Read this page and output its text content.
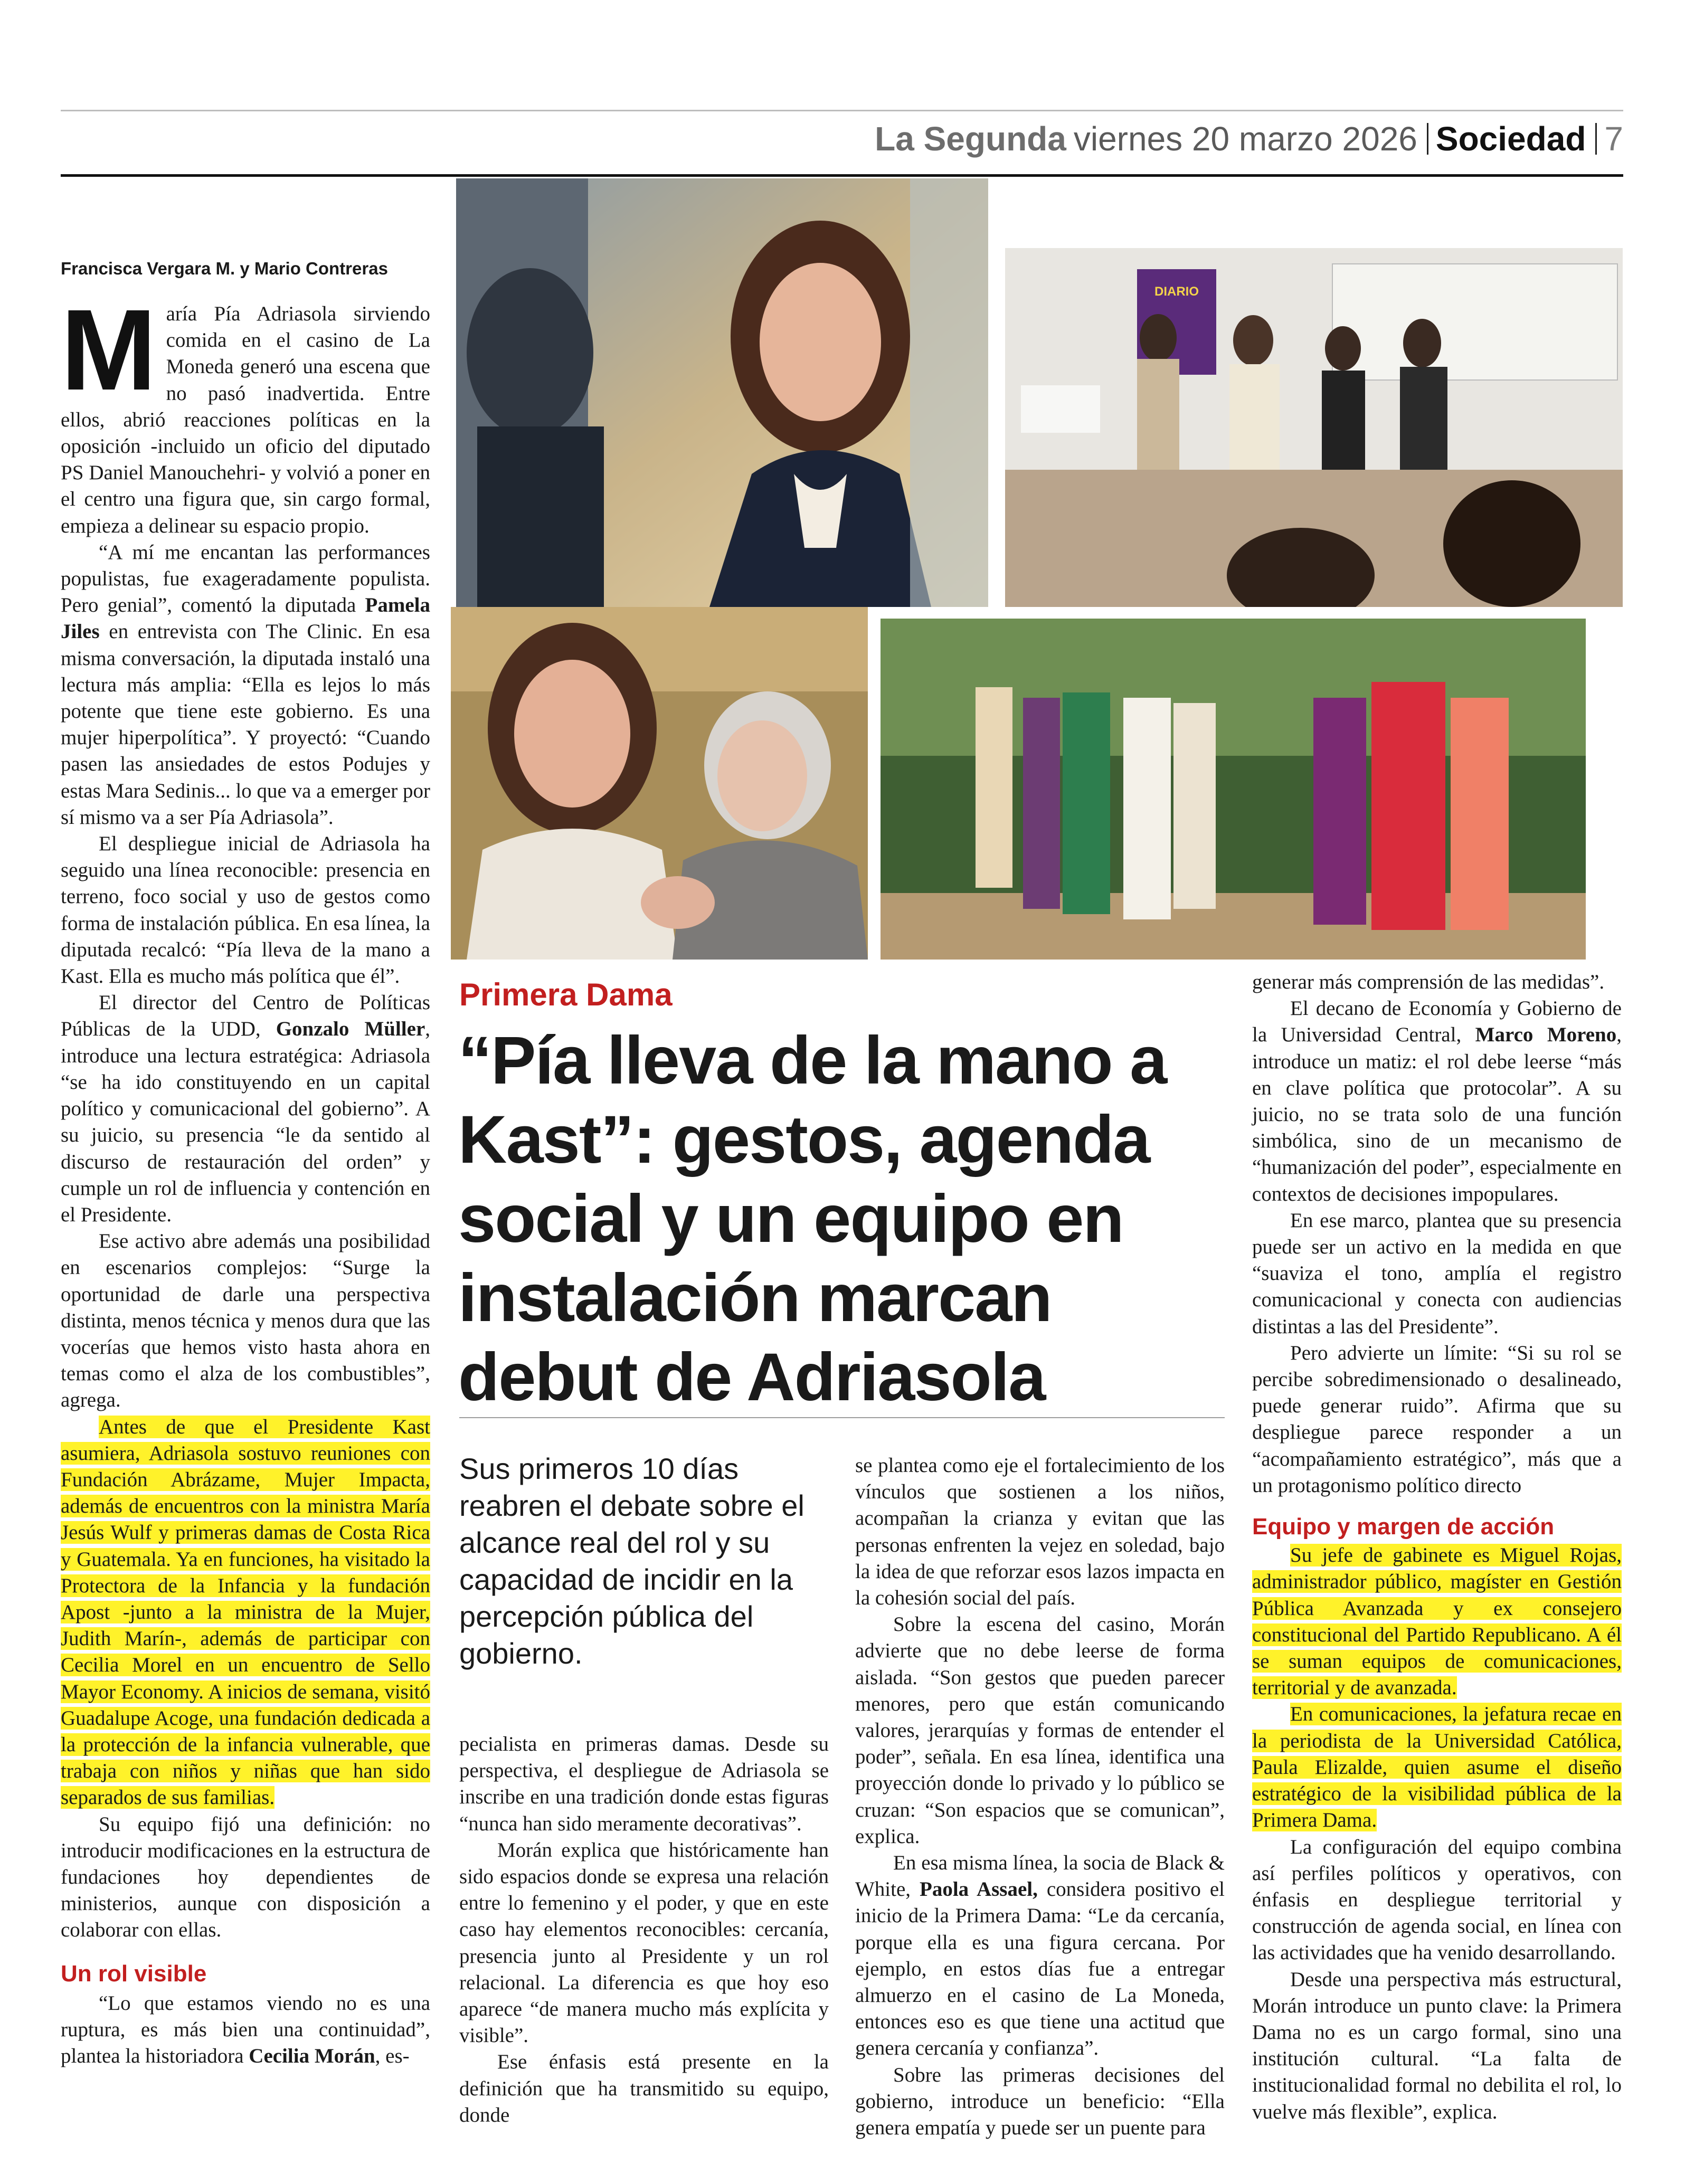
La Segunda viernes 20 marzo 2026 Sociedad 7
DIARIO
Francisca Vergara M. y Mario Contreras

María Pía Adriasola sirviendo comida en el casino de La Moneda generó una escena que no pasó inadvertida. Entre ellos, abrió reacciones políticas en la oposición -incluido un oficio del diputado PS Daniel Manouchehri- y volvió a poner en el centro una figura que, sin cargo formal, empieza a delinear su espacio propio.

“A mí me encantan las performances populistas, fue exageradamente populista. Pero genial”, comentó la diputada Pamela Jiles en entrevista con The Clinic. En esa misma conversación, la diputada instaló una lectura más amplia: “Ella es lejos lo más potente que tiene este gobierno. Es una mujer hiperpolítica”. Y proyectó: “Cuando pasen las ansiedades de estos Podujes y estas Mara Sedinis... lo que va a emerger por sí mismo va a ser Pía Adriasola”.

El despliegue inicial de Adriasola ha seguido una línea reconocible: presencia en terreno, foco social y uso de gestos como forma de instalación pública. En esa línea, la diputada recalcó: “Pía lleva de la mano a Kast. Ella es mucho más política que él”.

El director del Centro de Políticas Públicas de la UDD, Gonzalo Müller, introduce una lectura estratégica: Adriasola “se ha ido constituyendo en un capital político y comunicacional del gobierno”. A su juicio, su presencia “le da sentido al discurso de restauración del orden” y cumple un rol de influencia y contención en el Presidente.

Ese activo abre además una posibilidad en escenarios complejos: “Surge la oportunidad de darle una perspectiva distinta, menos técnica y menos dura que las vocerías que hemos visto hasta ahora en temas como el alza de los combustibles”, agrega.

Antes de que el Presidente Kast asumiera, Adriasola sostuvo reuniones con Fundación Abrázame, Mujer Impacta, además de encuentros con la ministra María Jesús Wulf y primeras damas de Costa Rica y Guatemala. Ya en funciones, ha visitado la Protectora de la Infancia y la fundación Apost -junto a la ministra de la Mujer, Judith Marín-, además de participar con Cecilia Morel en un encuentro de Sello Mayor Economy. A inicios de semana, visitó Guadalupe Acoge, una fundación dedicada a la protección de la infancia vulnerable, que trabaja con niños y niñas que han sido separados de sus familias.

Su equipo fijó una definición: no introducir modificaciones en la estructura de fundaciones hoy dependientes de ministerios, aunque con disposición a colaborar con ellas.

Un rol visible

“Lo que estamos viendo no es una ruptura, es más bien una continuidad”, plantea la historiadora Cecilia Morán, es-

Primera Dama
“Pía lleva de la mano a Kast”: gestos, agenda social y un equipo en instalación marcan debut de Adriasola
Sus primeros 10 días reabren el debate sobre el alcance real del rol y su capacidad de incidir en la percepción pública del gobierno.

pecialista en primeras damas. Desde su perspectiva, el despliegue de Adriasola se inscribe en una tradición donde estas figuras “nunca han sido meramente decorativas”.

Morán explica que históricamente han sido espacios donde se expresa una relación entre lo femenino y el poder, y que en este caso hay elementos reconocibles: cercanía, presencia junto al Presidente y un rol relacional. La diferencia es que hoy eso aparece “de manera mucho más explícita y visible”.

Ese énfasis está presente en la definición que ha transmitido su equipo, donde

se plantea como eje el fortalecimiento de los vínculos que sostienen a los niños, acompañan la crianza y evitan que las personas enfrenten la vejez en soledad, bajo la idea de que reforzar esos lazos impacta en la cohesión social del país.

Sobre la escena del casino, Morán advierte que no debe leerse de forma aislada. “Son gestos que pueden parecer menores, pero que están comunicando valores, jerarquías y formas de entender el poder”, señala. En esa línea, identifica una proyección donde lo privado y lo público se cruzan: “Son espacios que se comunican”, explica.

En esa misma línea, la socia de Black & White, Paola Assael, considera positivo el inicio de la Primera Dama: “Le da cercanía, porque ella es una figura cercana. Por ejemplo, en estos días fue a entregar almuerzo en el casino de La Moneda, entonces eso es que tiene una actitud que genera cercanía y confianza”.

Sobre las primeras decisiones del gobierno, introduce un beneficio: “Ella genera empatía y puede ser un puente para

generar más comprensión de las medidas”.

El decano de Economía y Gobierno de la Universidad Central, Marco Moreno, introduce un matiz: el rol debe leerse “más en clave política que protocolar”. A su juicio, no se trata solo de una función simbólica, sino de un mecanismo de “humanización del poder”, especialmente en contextos de decisiones impopulares.

En ese marco, plantea que su presencia puede ser un activo en la medida en que “suaviza el tono, amplía el registro comunicacional y conecta con audiencias distintas a las del Presidente”.

Pero advierte un límite: “Si su rol se percibe sobredimensionado o desalineado, puede generar ruido”. Afirma que su despliegue parece responder a un “acompañamiento estratégico”, más que a un protagonismo político directo

Equipo y margen de acción

Su jefe de gabinete es Miguel Rojas, administrador público, magíster en Gestión Pública Avanzada y ex consejero constitucional del Partido Republicano. A él se suman equipos de comunicaciones, territorial y de avanzada.

En comunicaciones, la jefatura recae en la periodista de la Universidad Católica, Paula Elizalde, quien asume el diseño estratégico de la visibilidad pública de la Primera Dama.

La configuración del equipo combina así perfiles políticos y operativos, con énfasis en despliegue territorial y construcción de agenda social, en línea con las actividades que ha venido desarrollando.

Desde una perspectiva más estructural, Morán introduce un punto clave: la Primera Dama no es un cargo formal, sino una institución cultural. “La falta de institucionalidad formal no debilita el rol, lo vuelve más flexible”, explica.
